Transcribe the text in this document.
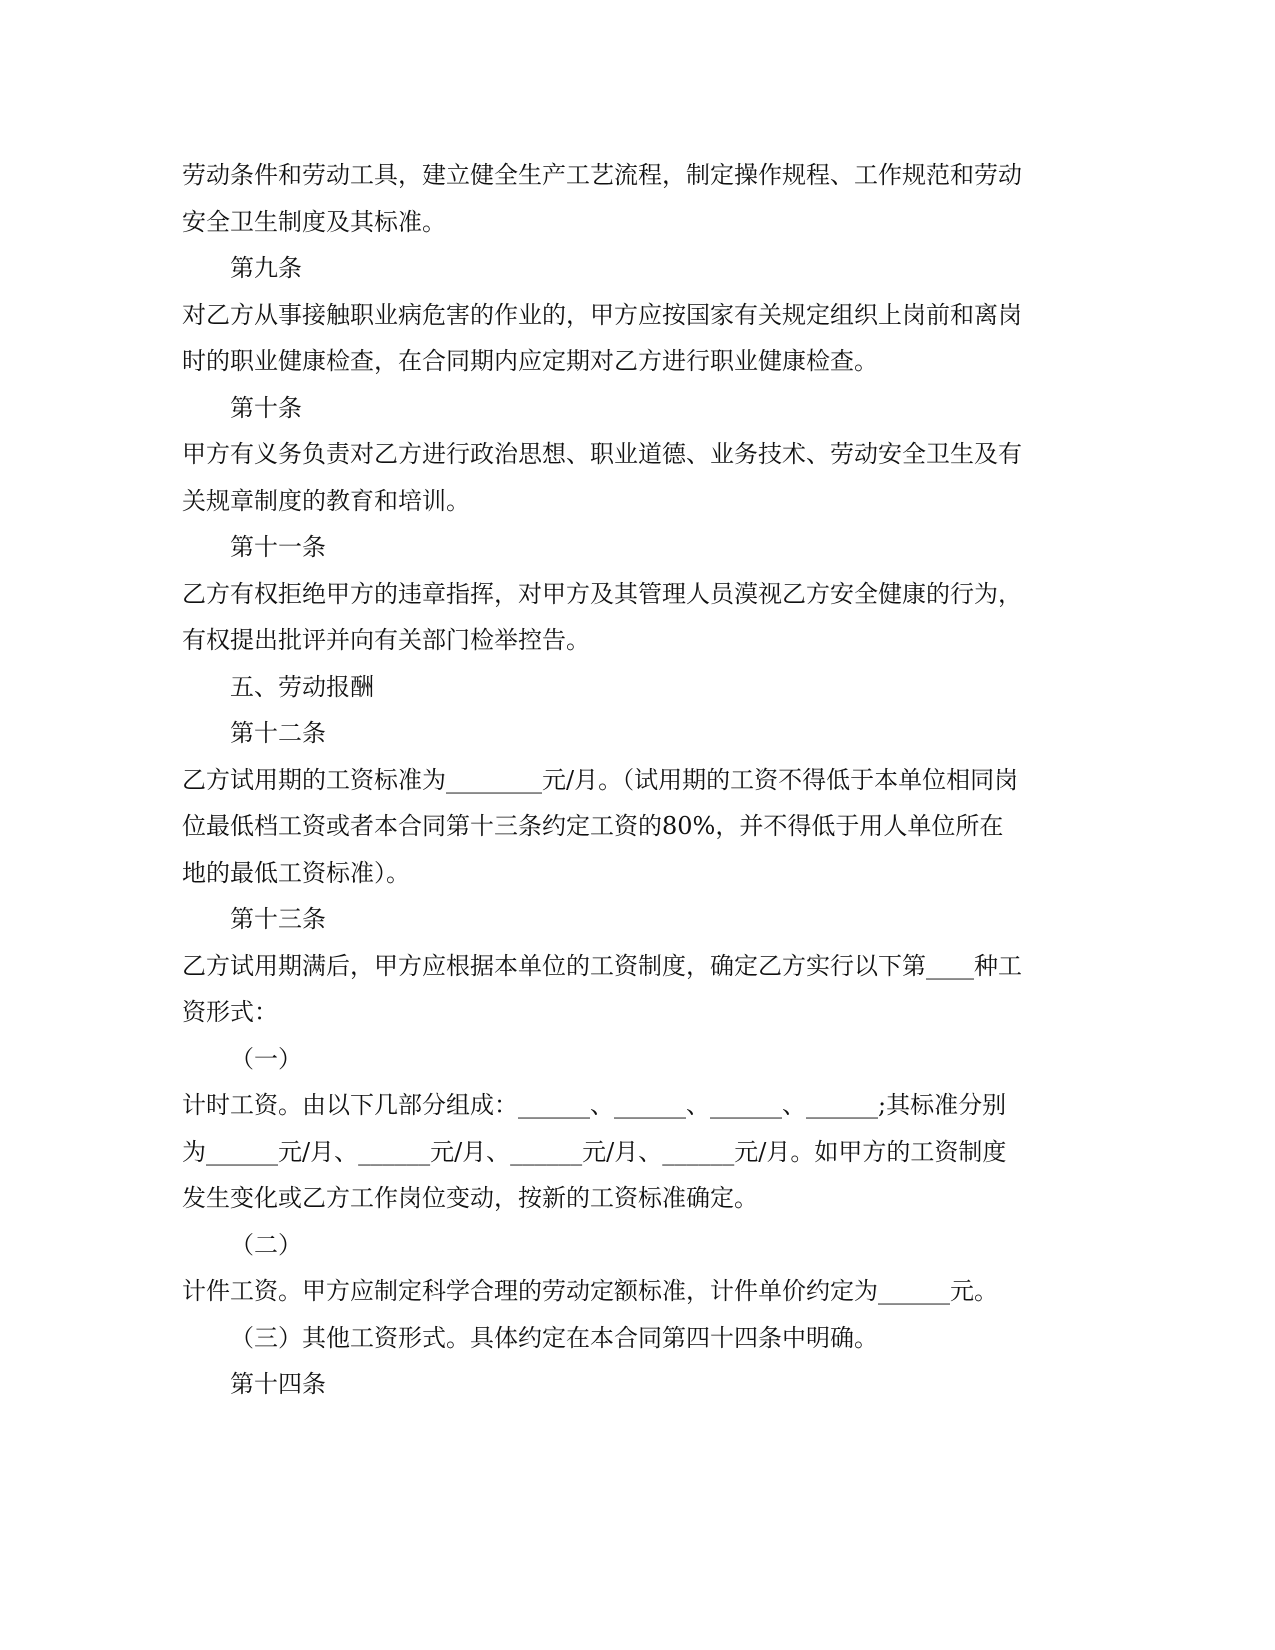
劳动条件和劳动工具，建立健全生产工艺流程，制定操作规程、工作规范和劳动安全卫生制度及其标准。

第九条

对乙方从事接触职业病危害的作业的，甲方应按国家有关规定组织上岗前和离岗时的职业健康检查，在合同期内应定期对乙方进行职业健康检查。

第十条

甲方有义务负责对乙方进行政治思想、职业道德、业务技术、劳动安全卫生及有关规章制度的教育和培训。

第十一条

乙方有权拒绝甲方的违章指挥，对甲方及其管理人员漠视乙方安全健康的行为，有权提出批评并向有关部门检举控告。

五、劳动报酬

第十二条

乙方试用期的工资标准为________元/月。（试用期的工资不得低于本单位相同岗位最低档工资或者本合同第十三条约定工资的80%，并不得低于用人单位所在地的最低工资标准）。

第十三条

乙方试用期满后，甲方应根据本单位的工资制度，确定乙方实行以下第____种工资形式：

（一）

计时工资。由以下几部分组成：______、______、______、______;其标准分别为______元/月、______元/月、______元/月、______元/月。如甲方的工资制度发生变化或乙方工作岗位变动，按新的工资标准确定。

（二）

计件工资。甲方应制定科学合理的劳动定额标准，计件单价约定为______元。

（三）其他工资形式。具体约定在本合同第四十四条中明确。

第十四条
